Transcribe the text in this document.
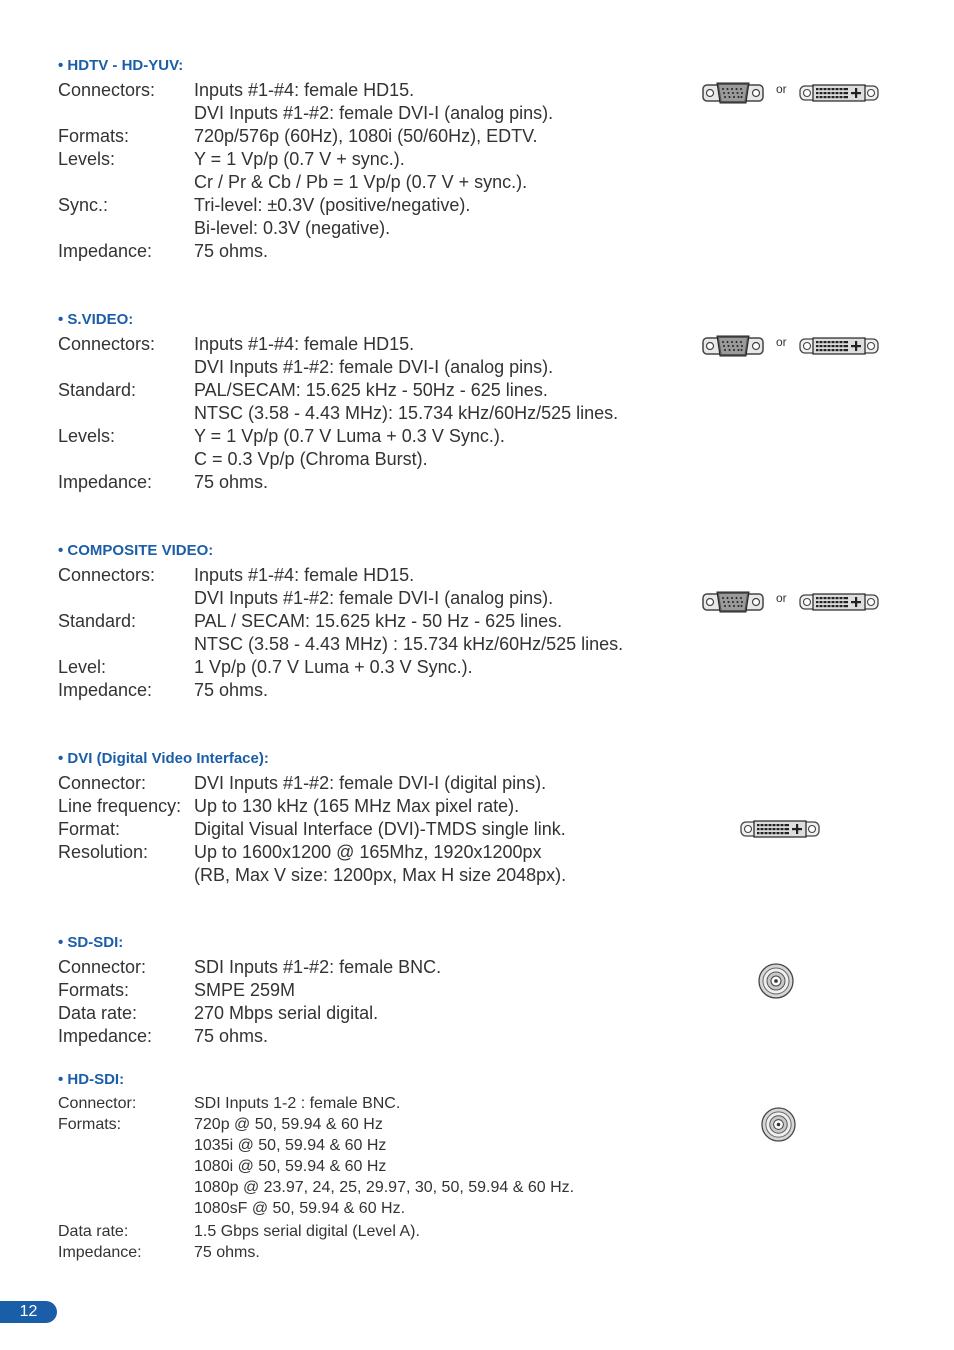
• HDTV - HD-YUV:
Connectors:	Inputs #1-#4: female HD15.
DVI Inputs #1-#2: female DVI-I (analog pins).
Formats:	720p/576p (60Hz), 1080i (50/60Hz), EDTV.
Levels:	Y = 1 Vp/p (0.7 V + sync.).
Cr / Pr & Cb / Pb = 1 Vp/p (0.7 V + sync.).
Sync.:	Tri-level: ±0.3V (positive/negative).
Bi-level: 0.3V (negative).
Impedance:	75 ohms.
or
• S.VIDEO:
Connectors:	Inputs #1-#4: female HD15.
DVI Inputs #1-#2: female DVI-I (analog pins).
Standard:	PAL/SECAM: 15.625 kHz - 50Hz - 625 lines.
NTSC (3.58 - 4.43 MHz): 15.734 kHz/60Hz/525 lines.
Levels:	Y = 1 Vp/p (0.7 V Luma + 0.3 V Sync.).
C = 0.3 Vp/p (Chroma Burst).
Impedance:	75 ohms.
or
• COMPOSITE VIDEO:
Connectors:	Inputs #1-#4: female HD15.
DVI Inputs #1-#2: female DVI-I (analog pins).
Standard:	PAL / SECAM: 15.625 kHz - 50 Hz - 625 lines.
NTSC (3.58 - 4.43 MHz) : 15.734 kHz/60Hz/525 lines.
Level:	1 Vp/p (0.7 V Luma + 0.3 V Sync.).
Impedance:	75 ohms.
or
• DVI (Digital Video Interface):
Connector:	DVI Inputs #1-#2: female DVI-I (digital pins).
Line frequency: Up to 130 kHz (165 MHz Max pixel rate).
Format:	Digital Visual Interface (DVI)-TMDS single link.
Resolution:	Up to 1600x1200 @ 165Mhz, 1920x1200px
(RB, Max V size: 1200px, Max H size 2048px).
• SD-SDI:
Connector:	SDI Inputs #1-#2: female BNC.
Formats:	SMPE 259M
Data rate:	270 Mbps serial digital.
Impedance:	75 ohms.
• HD-SDI:
Connector:	SDI Inputs 1-2 : female BNC.
Formats:	720p @ 50, 59.94 & 60 Hz
1035i @ 50, 59.94 & 60 Hz
1080i @ 50, 59.94 & 60 Hz
1080p @ 23.97, 24, 25, 29.97, 30, 50, 59.94 & 60 Hz.
1080sF @ 50, 59.94 & 60 Hz.
Data rate:	1.5 Gbps serial digital (Level A).
Impedance:	75 ohms.
12
